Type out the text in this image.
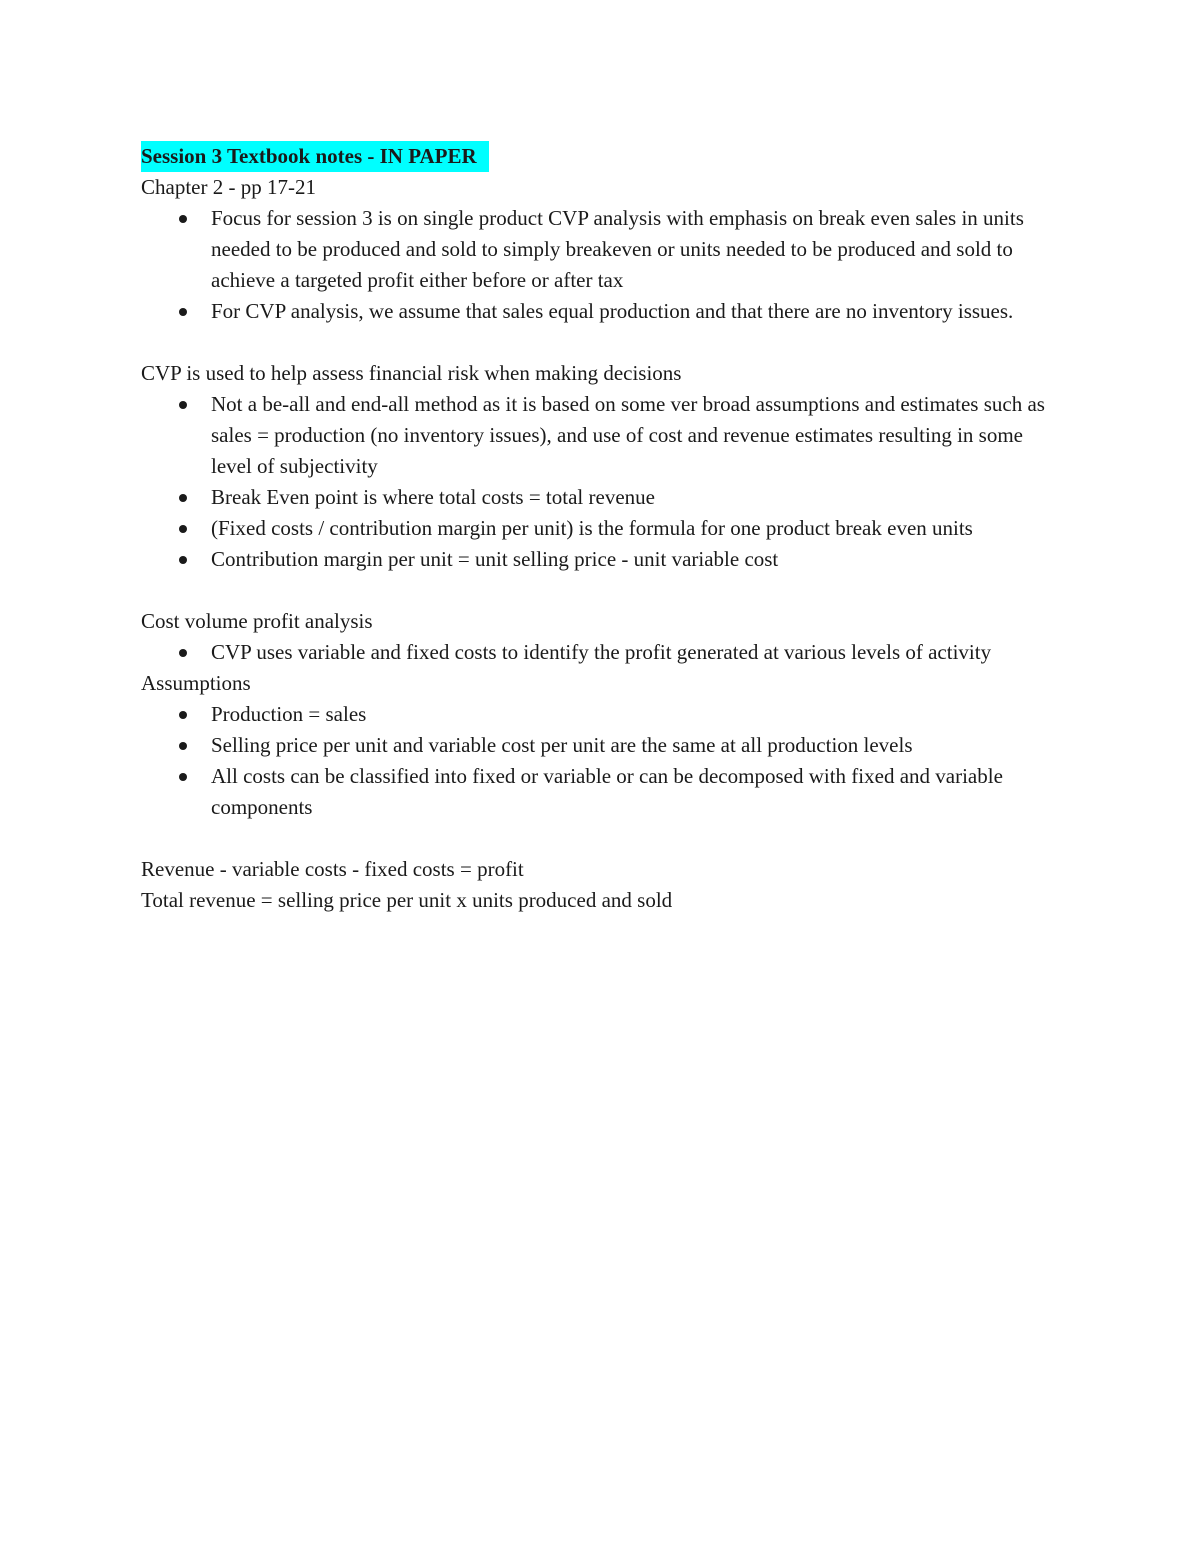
Session 3 Textbook notes - IN PAPER
Chapter 2 - pp 17-21
Focus for session 3 is on single product CVP analysis with emphasis on break even sales in units needed to be produced and sold to simply breakeven or units needed to be produced and sold to achieve a targeted profit either before or after tax
For CVP analysis, we assume that sales equal production and that there are no inventory issues.
CVP is used to help assess financial risk when making decisions
Not a be-all and end-all method as it is based on some ver broad assumptions and estimates such as sales = production (no inventory issues), and use of cost and revenue estimates resulting in some level of subjectivity
Break Even point is where total costs = total revenue
(Fixed costs / contribution margin per unit) is the formula for one product break even units
Contribution margin per unit = unit selling price - unit variable cost
Cost volume profit analysis
CVP uses variable and fixed costs to identify the profit generated at various levels of activity
Assumptions
Production = sales
Selling price per unit and variable cost per unit are the same at all production levels
All costs can be classified into fixed or variable or can be decomposed with fixed and variable components
Revenue - variable costs - fixed costs = profit
Total revenue = selling price per unit x units produced and sold
